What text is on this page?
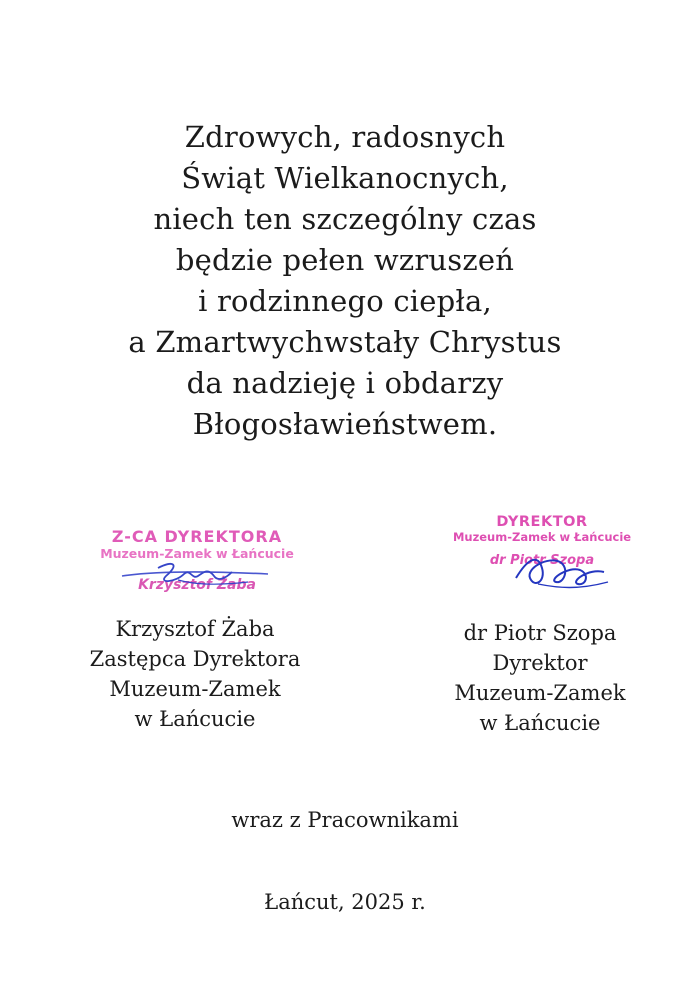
Zdrowych, radosnych
Świąt Wielkanocnych,
niech ten szczególny czas
będzie pełen wzruszeń
i rodzinnego ciepła,
a Zmartwychwstały Chrystus
da nadzieję i obdarzy
Błogosławieństwem.
Z-CA DYREKTORA
Muzeum-Zamek w Łańcucie
Krzysztof Żaba
DYREKTOR
Muzeum-Zamek w Łańcucie
dr Piotr Szopa
Krzysztof Żaba
Zastępca Dyrektora
Muzeum-Zamek
w Łańcucie
dr Piotr Szopa
Dyrektor
Muzeum-Zamek
w Łańcucie
wraz z Pracownikami
Łańcut, 2025 r.
